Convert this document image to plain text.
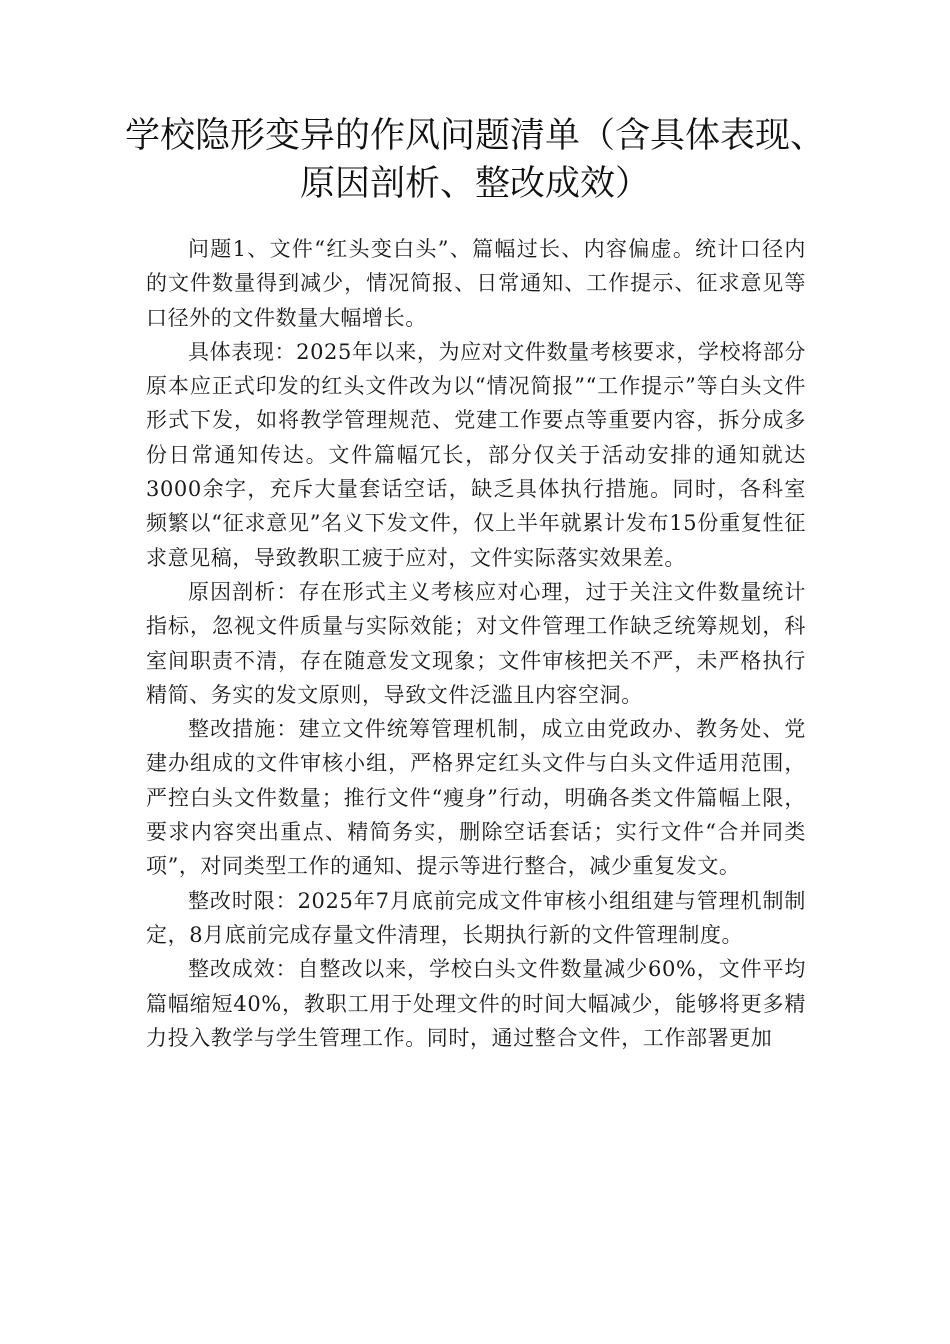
学校隐形变异的作风问题清单（含具体表现、原因剖析、整改成效）

问题1、文件“红头变白头”、篇幅过长、内容偏虚。统计口径内的文件数量得到减少，情况简报、日常通知、工作提示、征求意见等口径外的文件数量大幅增长。

具体表现：2025年以来，为应对文件数量考核要求，学校将部分原本应正式印发的红头文件改为以“情况简报”“工作提示”等白头文件形式下发，如将教学管理规范、党建工作要点等重要内容，拆分成多份日常通知传达。文件篇幅冗长，部分仅关于活动安排的通知就达3000余字，充斥大量套话空话，缺乏具体执行措施。同时，各科室频繁以“征求意见”名义下发文件，仅上半年就累计发布15份重复性征求意见稿，导致教职工疲于应对，文件实际落实效果差。

原因剖析：存在形式主义考核应对心理，过于关注文件数量统计指标，忽视文件质量与实际效能；对文件管理工作缺乏统筹规划，科室间职责不清，存在随意发文现象；文件审核把关不严，未严格执行精简、务实的发文原则，导致文件泛滥且内容空洞。

整改措施：建立文件统筹管理机制，成立由党政办、教务处、党建办组成的文件审核小组，严格界定红头文件与白头文件适用范围，严控白头文件数量；推行文件“瘦身”行动，明确各类文件篇幅上限，要求内容突出重点、精简务实，删除空话套话；实行文件“合并同类项”，对同类型工作的通知、提示等进行整合，减少重复发文。

整改时限：2025年7月底前完成文件审核小组组建与管理机制制定，8月底前完成存量文件清理，长期执行新的文件管理制度。

整改成效：自整改以来，学校白头文件数量减少60%，文件平均篇幅缩短40%，教职工用于处理文件的时间大幅减少，能够将更多精力投入教学与学生管理工作。同时，通过整合文件，工作部署更加
